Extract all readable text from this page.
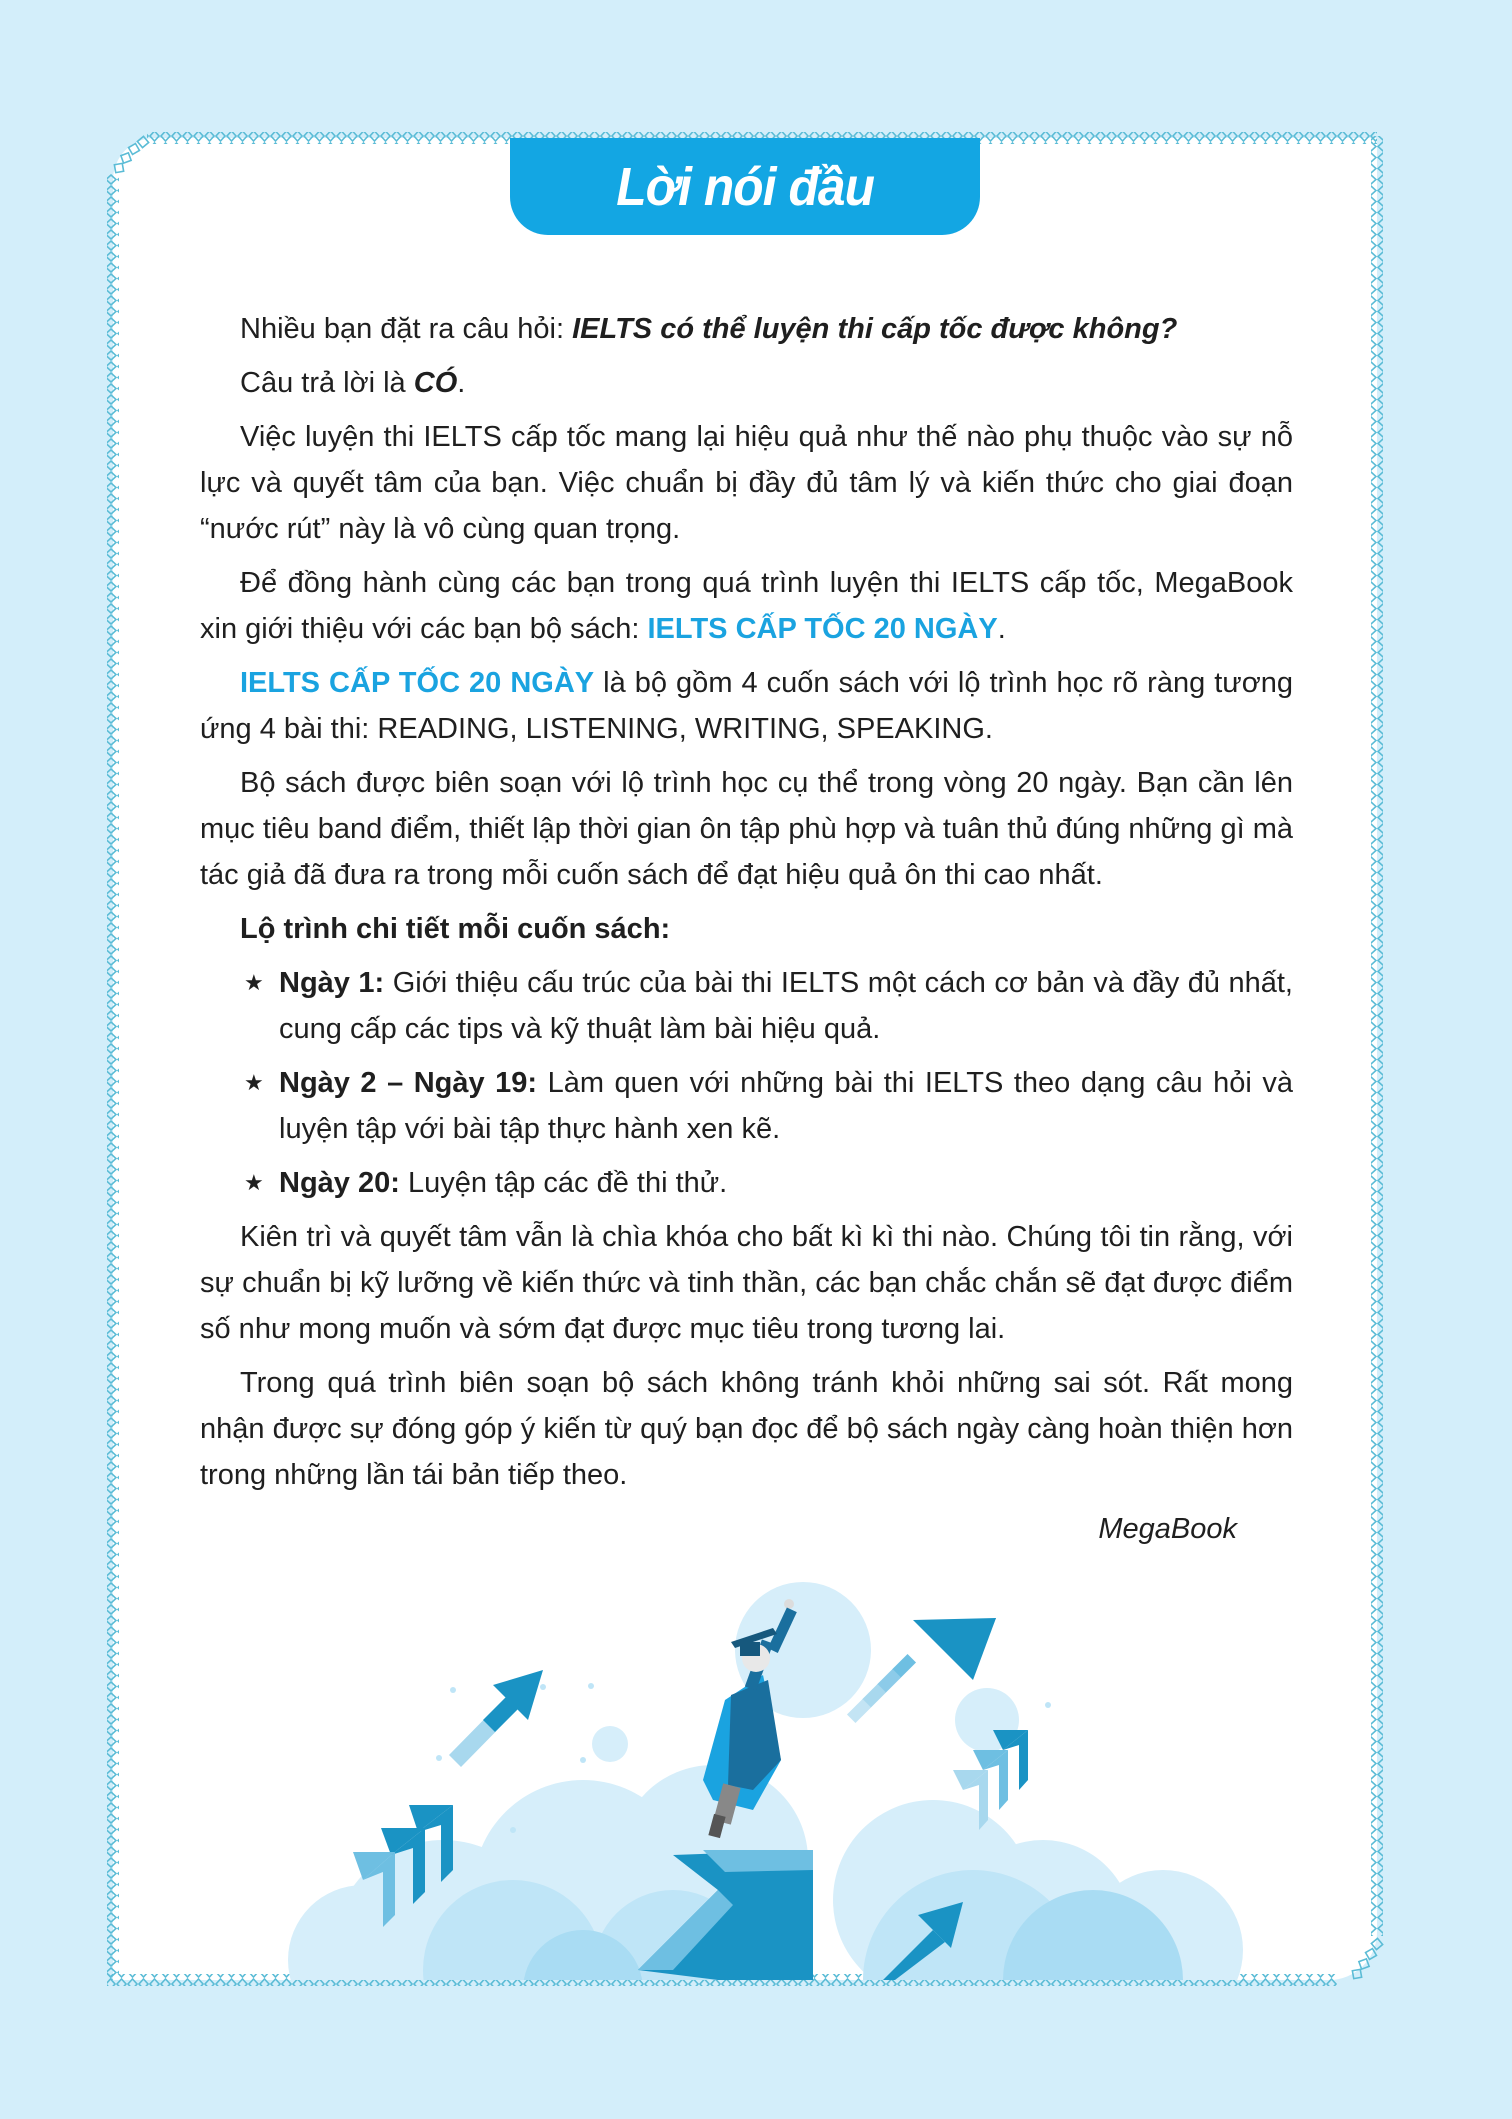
Lời nói đầu

Nhiều bạn đặt ra câu hỏi: IELTS có thể luyện thi cấp tốc được không?

Câu trả lời là CÓ.

Việc luyện thi IELTS cấp tốc mang lại hiệu quả như thế nào phụ thuộc vào sự nỗ lực và quyết tâm của bạn. Việc chuẩn bị đầy đủ tâm lý và kiến thức cho giai đoạn “nước rút” này là vô cùng quan trọng.

Để đồng hành cùng các bạn trong quá trình luyện thi IELTS cấp tốc, MegaBook xin giới thiệu với các bạn bộ sách: IELTS CẤP TỐC 20 NGÀY.

IELTS CẤP TỐC 20 NGÀY là bộ gồm 4 cuốn sách với lộ trình học rõ ràng tương ứng 4 bài thi: READING, LISTENING, WRITING, SPEAKING.

Bộ sách được biên soạn với lộ trình học cụ thể trong vòng 20 ngày. Bạn cần lên mục tiêu band điểm, thiết lập thời gian ôn tập phù hợp và tuân thủ đúng những gì mà tác giả đã đưa ra trong mỗi cuốn sách để đạt hiệu quả ôn thi cao nhất.

Lộ trình chi tiết mỗi cuốn sách:

★ Ngày 1: Giới thiệu cấu trúc của bài thi IELTS một cách cơ bản và đầy đủ nhất, cung cấp các tips và kỹ thuật làm bài hiệu quả.
★ Ngày 2 – Ngày 19: Làm quen với những bài thi IELTS theo dạng câu hỏi và luyện tập với bài tập thực hành xen kẽ.
★ Ngày 20: Luyện tập các đề thi thử.

Kiên trì và quyết tâm vẫn là chìa khóa cho bất kì kì thi nào. Chúng tôi tin rằng, với sự chuẩn bị kỹ lưỡng về kiến thức và tinh thần, các bạn chắc chắn sẽ đạt được điểm số như mong muốn và sớm đạt được mục tiêu trong tương lai.

Trong quá trình biên soạn bộ sách không tránh khỏi những sai sót. Rất mong nhận được sự đóng góp ý kiến từ quý bạn đọc để bộ sách ngày càng hoàn thiện hơn trong những lần tái bản tiếp theo.

MegaBook
